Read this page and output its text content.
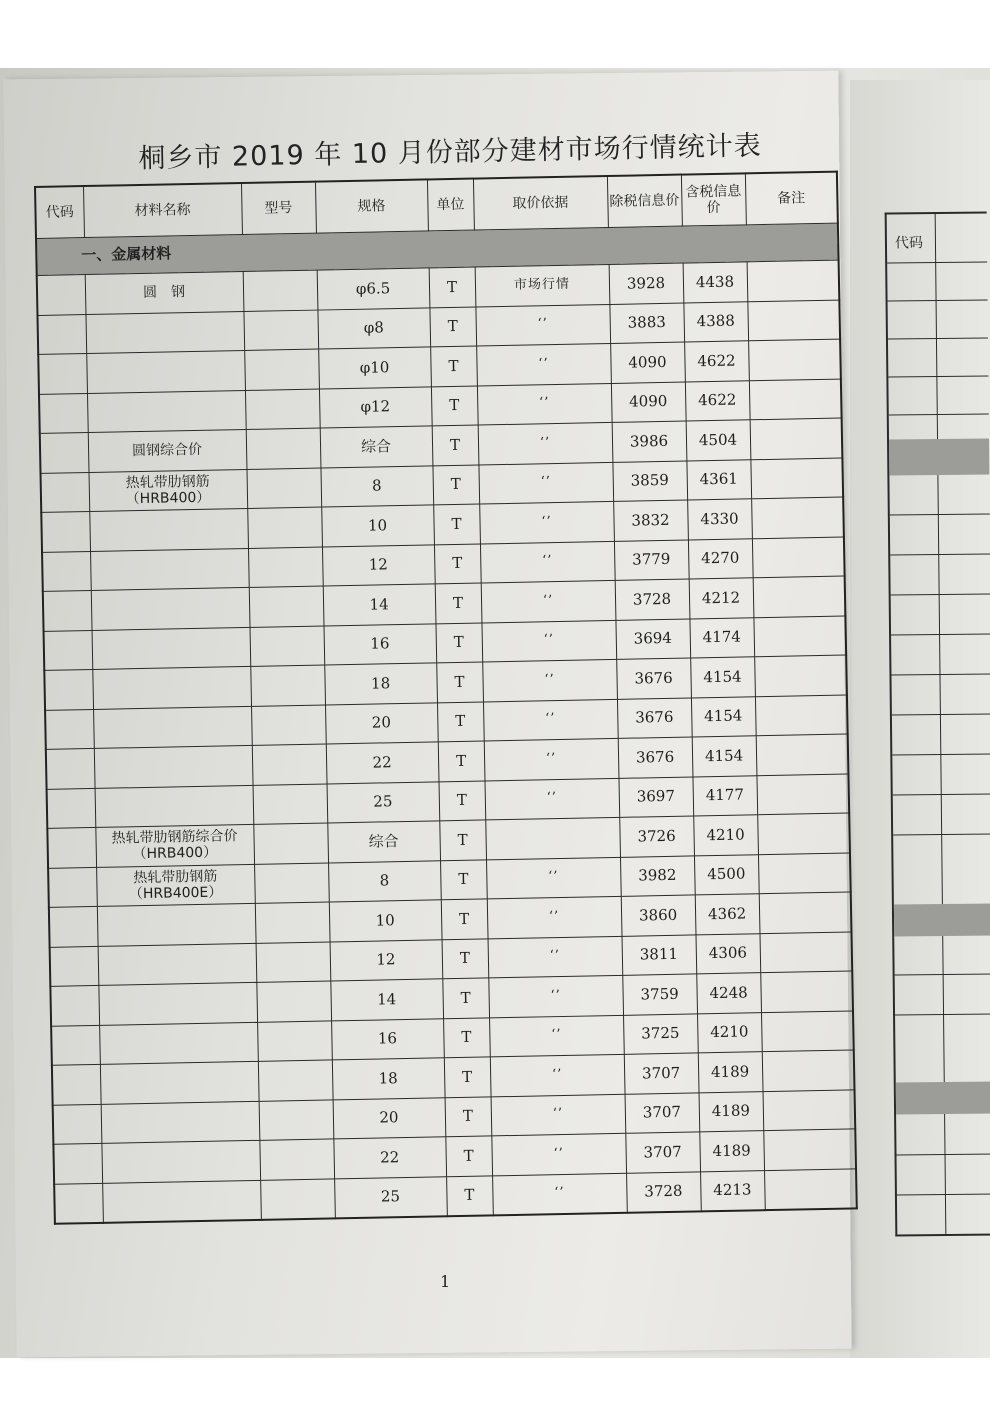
桐乡市 2019 年 10 月份部分建材市场行情统计表
代码	材料名称	型号	规格	单位	取价依据	除税信息价	含税信息价	备注
一、金属材料								
	圆　钢		φ6.5	T	市场行情	3928	4438	
			φ8	T	‘’	3883	4388	
			φ10	T	‘’	4090	4622	
			φ12	T	‘’	4090	4622	
	圆钢综合价		综合	T	‘’	3986	4504	
	热轧带肋钢筋（HRB400）		8	T	‘’	3859	4361	
			10	T	‘’	3832	4330	
			12	T	‘’	3779	4270	
			14	T	‘’	3728	4212	
			16	T	‘’	3694	4174	
			18	T	‘’	3676	4154	
			20	T	‘’	3676	4154	
			22	T	‘’	3676	4154	
			25	T	‘’	3697	4177	
	热轧带肋钢筋综合价（HRB400）		综合	T		3726	4210	
	热轧带肋钢筋（HRB400E）		8	T	‘’	3982	4500	
			10	T	‘’	3860	4362	
			12	T	‘’	3811	4306	
			14	T	‘’	3759	4248	
			16	T	‘’	3725	4210	
			18	T	‘’	3707	4189	
			20	T	‘’	3707	4189	
			22	T	‘’	3707	4189	
			25	T	‘’	3728	4213	
1
代码
